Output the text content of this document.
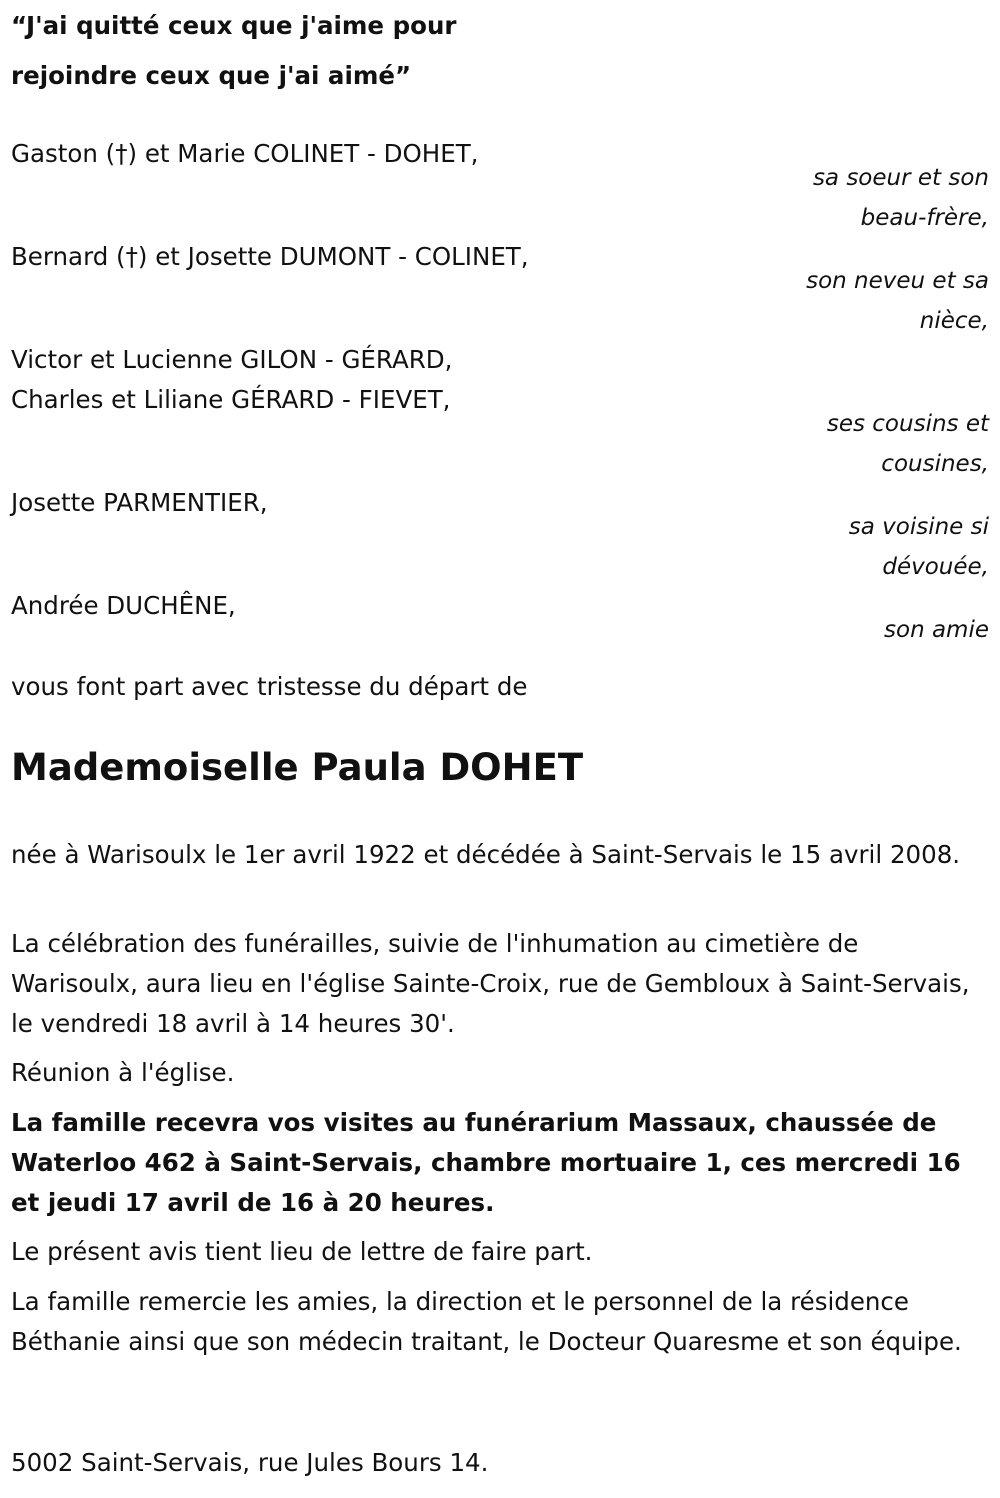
“J'ai quitté ceux que j'aime pour
rejoindre ceux que j'ai aimé”
Gaston (†) et Marie COLINET - DOHET,
sa soeur et son
beau-frère,
Bernard (†) et Josette DUMONT - COLINET,
son neveu et sa
nièce,
Victor et Lucienne GILON - GÉRARD,
Charles et Liliane GÉRARD - FIEVET,
ses cousins et
cousines,
Josette PARMENTIER,
sa voisine si
dévouée,
Andrée DUCHÊNE,
son amie
vous font part avec tristesse du départ de
Mademoiselle Paula DOHET
née à Warisoulx le 1er avril 1922 et décédée à Saint-Servais le 15 avril 2008.
La célébration des funérailles, suivie de l'inhumation au cimetière de Warisoulx, aura lieu en l'église Sainte-Croix, rue de Gembloux à Saint-Servais, le vendredi 18 avril à 14 heures 30'.
Réunion à l'église.
La famille recevra vos visites au funérarium Massaux, chaussée de Waterloo 462 à Saint-Servais, chambre mortuaire 1, ces mercredi 16 et jeudi 17 avril de 16 à 20 heures.
Le présent avis tient lieu de lettre de faire part.
La famille remercie les amies, la direction et le personnel de la résidence Béthanie ainsi que son médecin traitant, le Docteur Quaresme et son équipe.
5002 Saint-Servais, rue Jules Bours 14.
